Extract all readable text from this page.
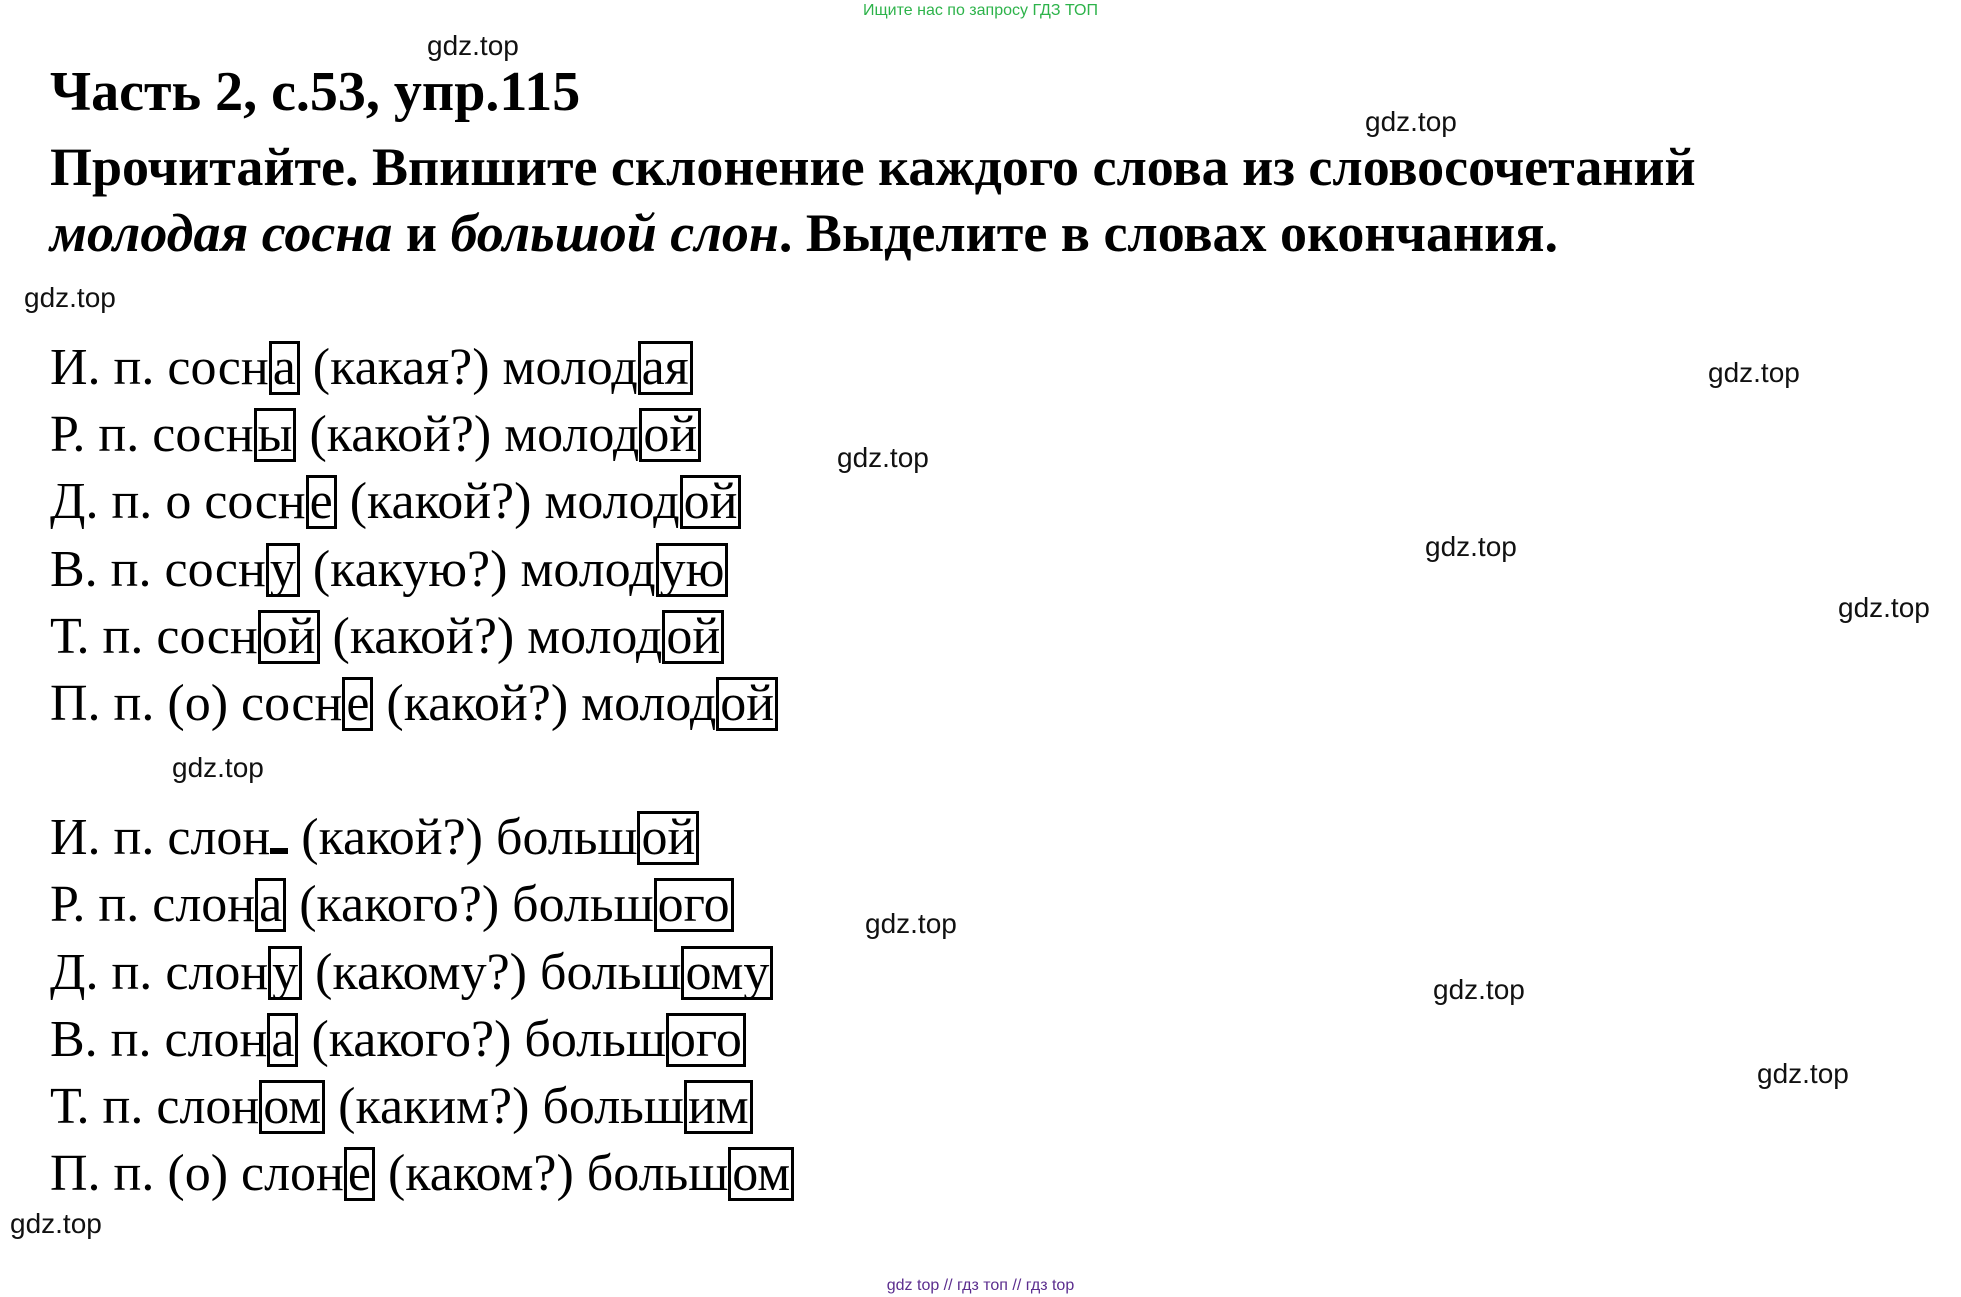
Ищите нас по запросу ГДЗ ТОП
gdz.top
gdz.top
gdz.top
gdz.top
gdz.top
gdz.top
gdz.top
gdz.top
gdz.top
gdz.top
gdz.top
gdz.top
Часть 2, с.53, упр.115
Прочитайте. Впишите склонение каждого слова из словосочетаний
молодая сосна и большой слон. Выделите в словах окончания.
И. п. сосна (какая?) молодая
Р. п. сосны (какой?) молодой
Д. п. о сосне (какой?) молодой
В. п. сосну (какую?) молодую
Т. п. сосной (какой?) молодой
П. п. (о) сосне (какой?) молодой
И. п. слон (какой?) большой
Р. п. слона (какого?) большого
Д. п. слону (какому?) большому
В. п. слона (какого?) большого
Т. п. слоном (каким?) большим
П. п. (о) слоне (каком?) большом
gdz top // гдз топ // гдз top
